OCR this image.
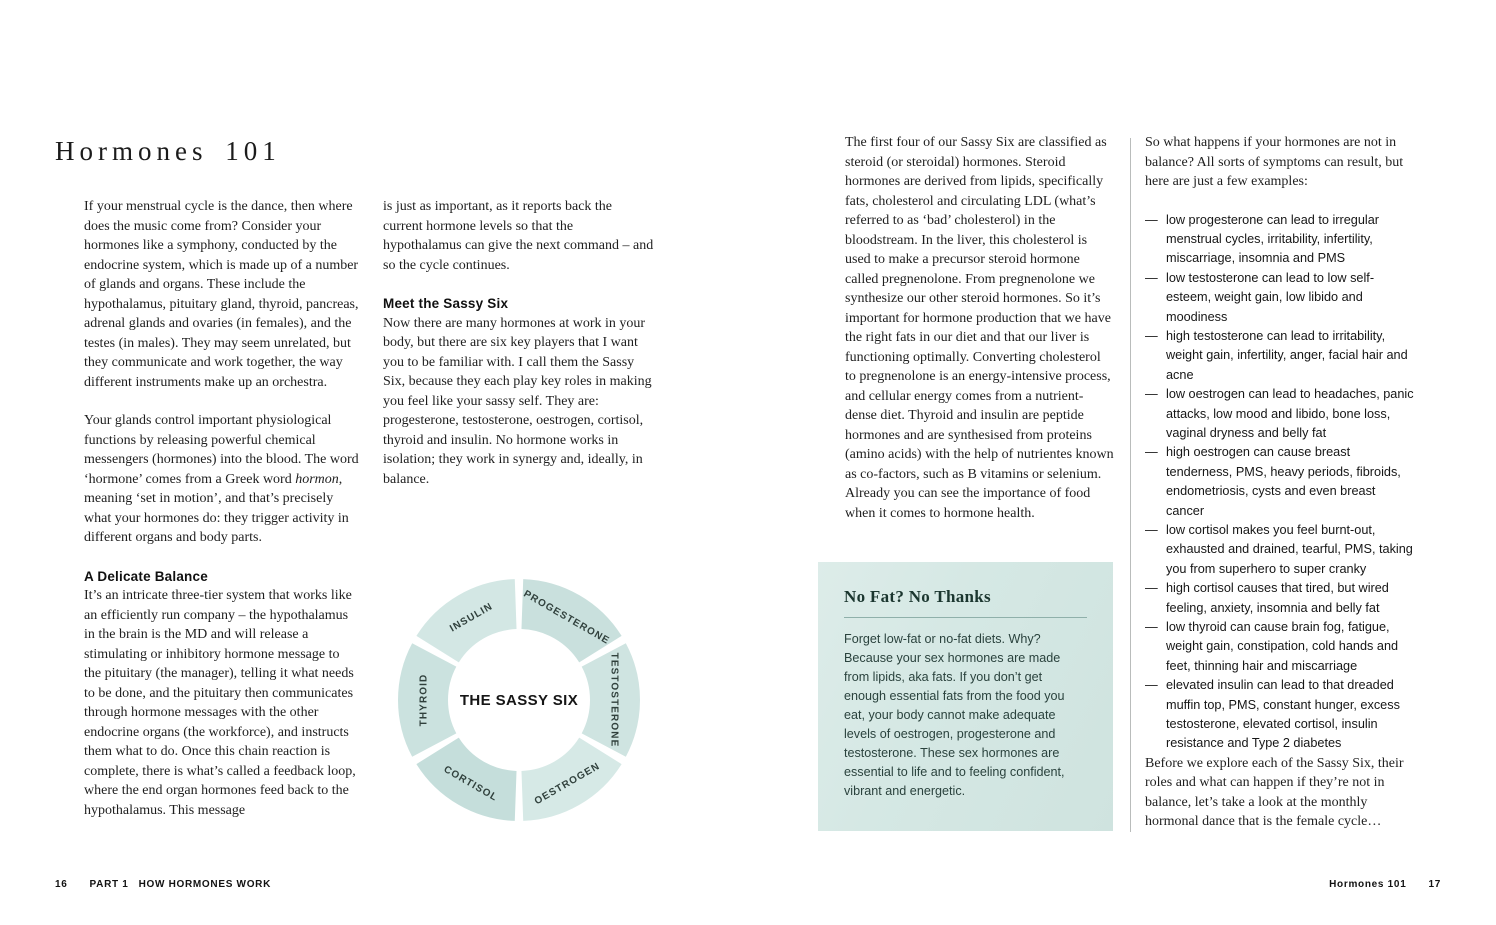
Hormones 101

If your menstrual cycle is the dance, then where does the music come from? Consider your hormones like a symphony, conducted by the endocrine system, which is made up of a number of glands and organs. These include the hypothalamus, pituitary gland, thyroid, pancreas, adrenal glands and ovaries (in females), and the testes (in males). They may seem unrelated, but they communicate and work together, the way different instruments make up an orchestra.

Your glands control important physiological functions by releasing powerful chemical messengers (hormones) into the blood. The word ‘hormone’ comes from a Greek word hormon, meaning ‘set in motion’, and that’s precisely what your hormones do: they trigger activity in different organs and body parts.

A Delicate Balance

It’s an intricate three-tier system that works like an efficiently run company – the hypothalamus in the brain is the MD and will release a stimulating or inhibitory hormone message to the pituitary (the manager), telling it what needs to be done, and the pituitary then communicates through hormone messages with the other endocrine organs (the workforce), and instructs them what to do. Once this chain reaction is complete, there is what’s called a feedback loop, where the end organ hormones feed back to the hypothalamus. This message

is just as important, as it reports back the current hormone levels so that the hypothalamus can give the next command – and so the cycle continues.

Meet the Sassy Six

Now there are many hormones at work in your body, but there are six key players that I want you to be familiar with. I call them the Sassy Six, because they each play key roles in making you feel like your sassy self. They are: progesterone, testosterone, oestrogen, cortisol, thyroid and insulin. No hormone works in isolation; they work in synergy and, ideally, in balance.

INSULIN	PROGESTERONE
TESTOSTERONE
OESTROGEN
CORTISOL
THYROID THE SASSY SIX

The first four of our Sassy Six are classified as steroid (or steroidal) hormones. Steroid hormones are derived from lipids, specifically fats, cholesterol and circulating LDL (what’s referred to as ‘bad’ cholesterol) in the bloodstream. In the liver, this cholesterol is used to make a precursor steroid hormone called pregnenolone. From pregnenolone we synthesize our other steroid hormones. So it’s important for hormone production that we have the right fats in our diet and that our liver is functioning optimally. Converting cholesterol to pregnenolone is an energy-intensive process, and cellular energy comes from a nutrient-dense diet. Thyroid and insulin are peptide hormones and are synthesised from proteins (amino acids) with the help of nutrientes known as co-factors, such as B vitamins or selenium. Already you can see the importance of food when it comes to hormone health.

No Fat? No Thanks

Forget low-fat or no-fat diets. Why? Because your sex hormones are made from lipids, aka fats. If you don’t get enough essential fats from the food you eat, your body cannot make adequate levels of oestrogen, progesterone and testosterone. These sex hormones are essential to life and to feeling confident, vibrant and energetic.

So what happens if your hormones are not in balance? All sorts of symptoms can result, but here are just a few examples:

— low progesterone can lead to irregular menstrual cycles, irritability, infertility, miscarriage, insomnia and PMS
— low testosterone can lead to low self-esteem, weight gain, low libido and moodiness
— high testosterone can lead to irritability, weight gain, infertility, anger, facial hair and acne
— low oestrogen can lead to headaches, panic attacks, low mood and libido, bone loss, vaginal dryness and belly fat
— high oestrogen can cause breast tenderness, PMS, heavy periods, fibroids, endometriosis, cysts and even breast cancer
— low cortisol makes you feel burnt-out, exhausted and drained, tearful, PMS, taking you from superhero to super cranky
— high cortisol causes that tired, but wired feeling, anxiety, insomnia and belly fat
— low thyroid can cause brain fog, fatigue, weight gain, constipation, cold hands and feet, thinning hair and miscarriage
— elevated insulin can lead to that dreaded muffin top, PMS, constant hunger, excess testosterone, elevated cortisol, insulin resistance and Type 2 diabetes

Before we explore each of the Sassy Six, their roles and what can happen if they’re not in balance, let’s take a look at the monthly hormonal dance that is the female cycle…

16 PART 1 HOW HORMONES WORK	Hormones 101 17
